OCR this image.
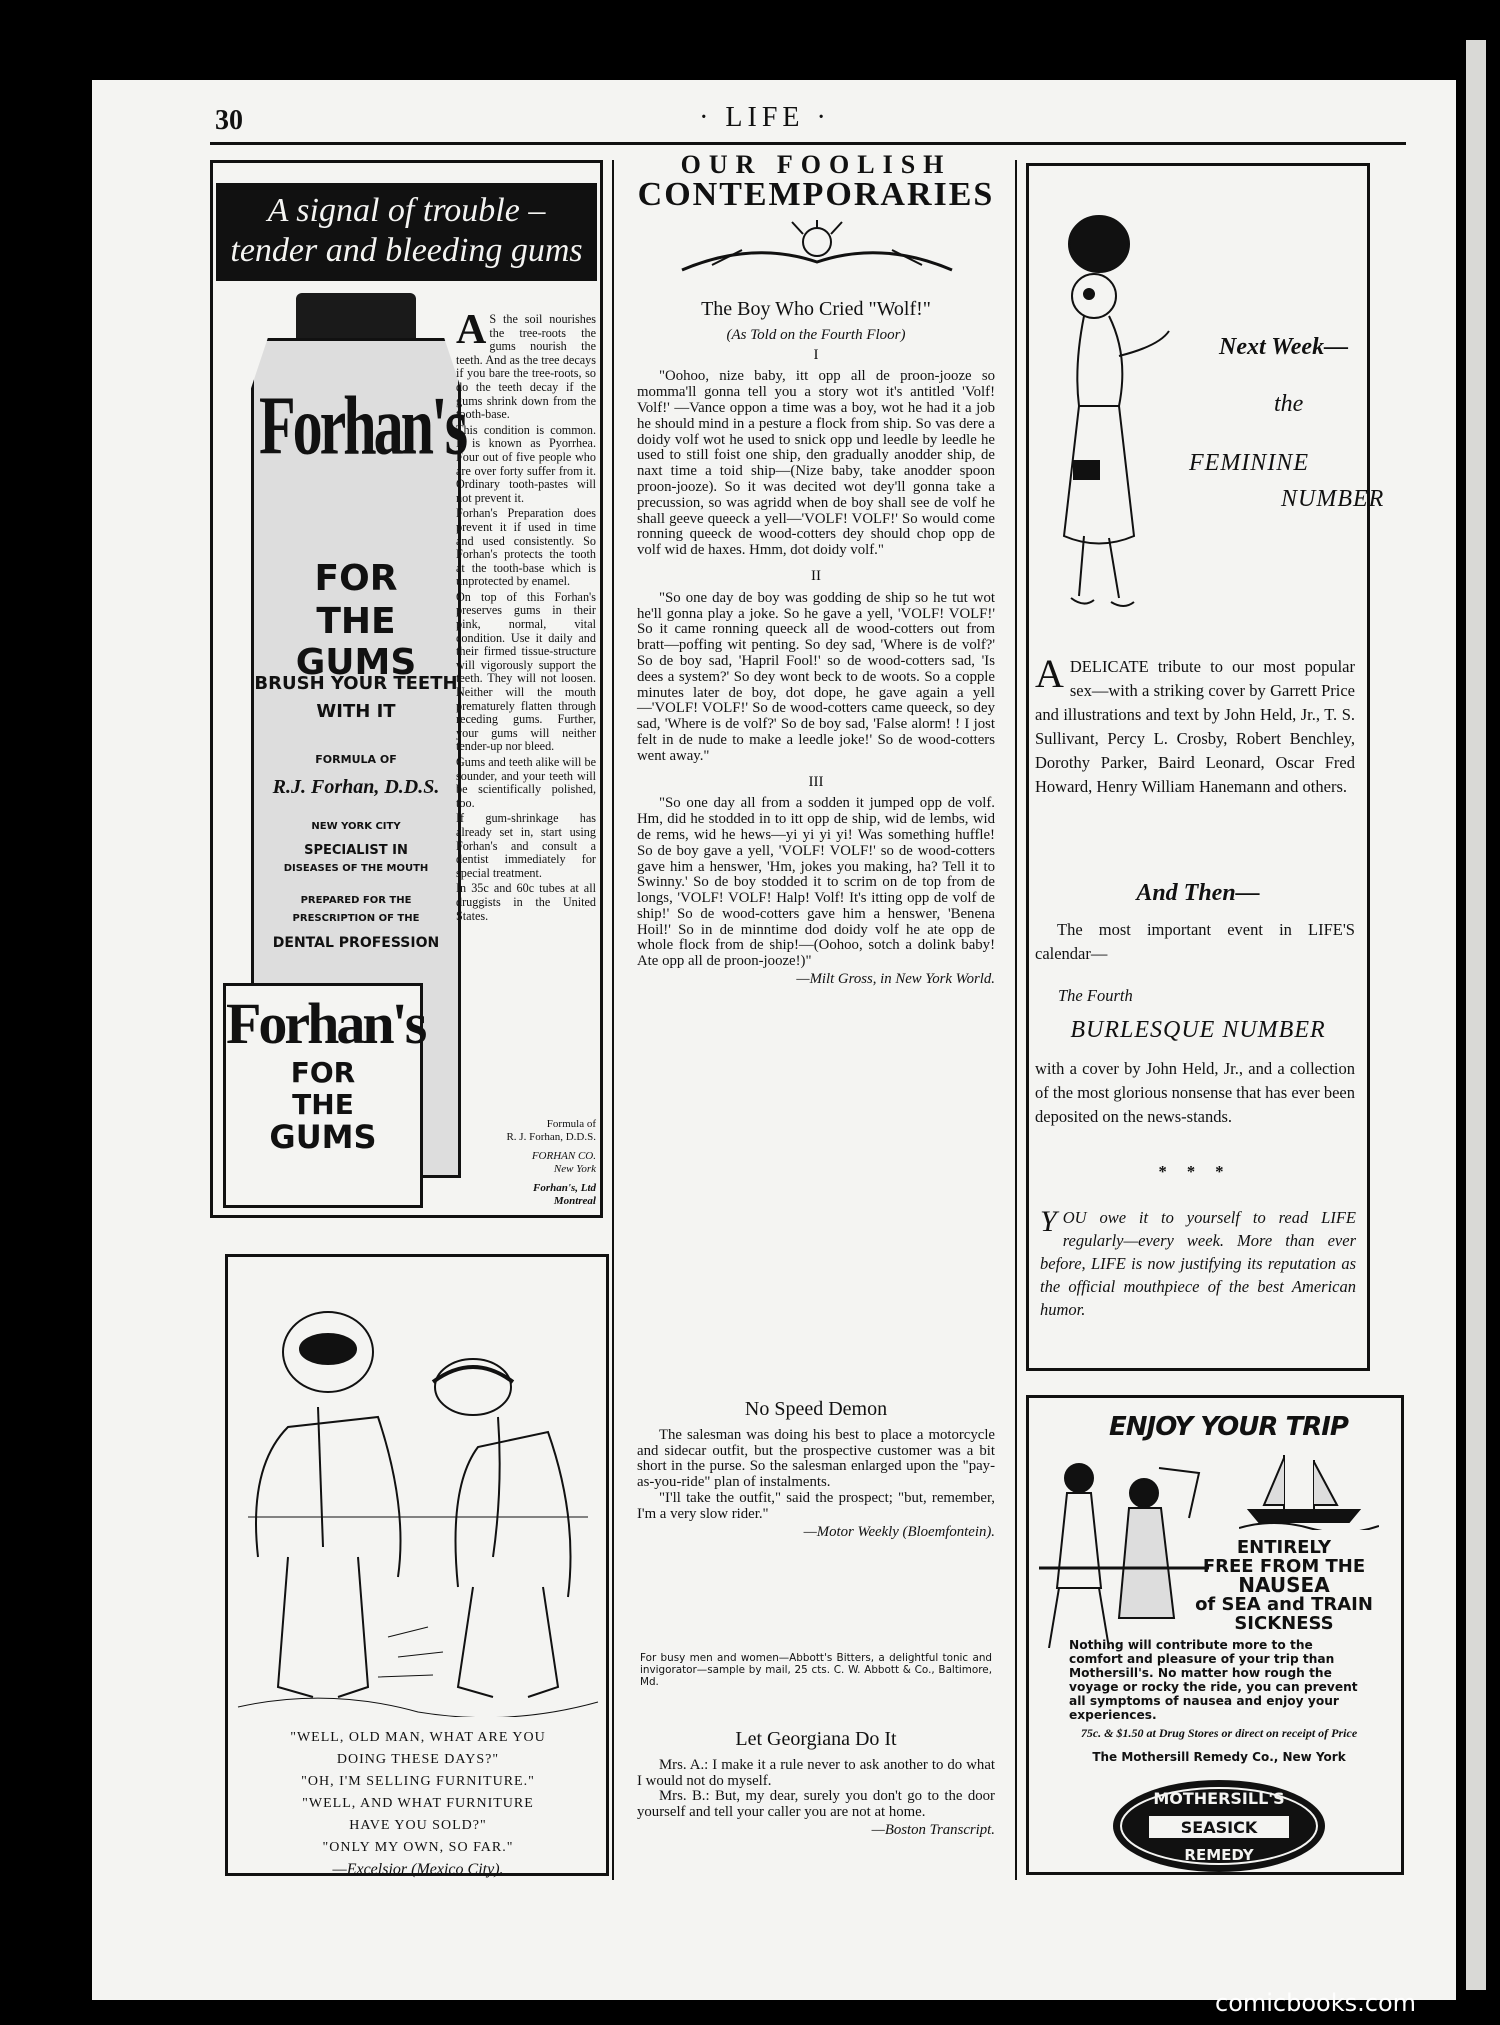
30	· LIFE ·
A signal of trouble –
tender and bleeding gums
Forhan's
FOR
THE GUMS
BRUSH YOUR TEETH
WITH IT
FORMULA OF
R.J. Forhan, D.D.S.
NEW YORK CITY
SPECIALIST IN
DISEASES OF THE MOUTH
PREPARED FOR THE
PRESCRIPTION OF THE
DENTAL PROFESSION
Forhan's
FOR
THE
GUMS

A S the soil nourishes the tree-roots the gums nourish the teeth. And as the tree decays if you bare the tree-roots, so do the teeth decay if the gums shrink down from the tooth-base.

This condition is common. It is known as Pyorrhea. Four out of five people who are over forty suffer from it. Ordinary tooth-pastes will not prevent it.

Forhan's Preparation does prevent it if used in time and used consistently. So Forhan's protects the tooth at the tooth-base which is unprotected by enamel.

On top of this Forhan's preserves gums in their pink, normal, vital condition. Use it daily and their firmed tissue-structure will vigorously support the teeth. They will not loosen. Neither will the mouth prematurely flatten through receding gums. Further, your gums will neither tender-up nor bleed.

Gums and teeth alike will be sounder, and your teeth will be scientifically polished, too.

If gum-shrinkage has already set in, start using Forhan's and consult a dentist immediately for special treatment.

In 35c and 60c tubes at all druggists in the United States.

Formula of
R. J. Forhan, D.D.S.
FORHAN CO.
New York
Forhan's, Ltd
Montreal
"WELL, OLD MAN, WHAT ARE YOU
DOING THESE DAYS?"
"OH, I'M SELLING FURNITURE."
"WELL, AND WHAT FURNITURE
HAVE YOU SOLD?"
"ONLY MY OWN, SO FAR."
—Excelsior (Mexico City).
OUR FOOLISH
CONTEMPORARIES
The Boy Who Cried "Wolf!"
(As Told on the Fourth Floor)
I

"Oohoo, nize baby, itt opp all de proon-jooze so momma'll gonna tell you a story wot it's antitled 'Volf! Volf!' —Vance oppon a time was a boy, wot he had it a job he should mind in a pesture a flock from ship. So vas dere a doidy volf wot he used to snick opp und leedle by leedle he used to still foist one ship, den gradually anodder ship, de naxt time a toid ship—(Nize baby, take anodder spoon proon-jooze). So it was decited wot dey'll gonna take a precussion, so was agridd when de boy shall see de volf he shall geeve queeck a yell—'VOLF! VOLF!' So would come ronning queeck de wood-cotters dey should chop opp de volf wid de haxes. Hmm, dot doidy volf."

II

"So one day de boy was godding de ship so he tut wot he'll gonna play a joke. So he gave a yell, 'VOLF! VOLF!' So it came ronning queeck all de wood-cotters out from bratt—poffing wit penting. So dey sad, 'Where is de volf?' So de boy sad, 'Hapril Fool!' so de wood-cotters sad, 'Is dees a system?' So dey wont beck to de woots. So a copple minutes later de boy, dot dope, he gave again a yell—'VOLF! VOLF!' So de wood-cotters came queeck, so dey sad, 'Where is de volf?' So de boy sad, 'False alorm! ! I jost felt in de nude to make a leedle joke!' So de wood-cotters went away."

III

"So one day all from a sodden it jumped opp de volf. Hm, did he stodded in to itt opp de ship, wid de lembs, wid de rems, wid he hews—yi yi yi yi! Was something huffle! So de boy gave a yell, 'VOLF! VOLF!' so de wood-cotters gave him a henswer, 'Hm, jokes you making, ha? Tell it to Swinny.' So de boy stodded it to scrim on de top from de longs, 'VOLF! VOLF! Halp! Volf! It's itting opp de volf de ship!' So de wood-cotters gave him a henswer, 'Benena Hoil!' So in de minntime dod doidy volf he ate opp de whole flock from de ship!—(Oohoo, sotch a dolink baby! Ate opp all de proon-jooze!)"

—Milt Gross, in New York World.
No Speed Demon

The salesman was doing his best to place a motorcycle and sidecar outfit, but the prospective customer was a bit short in the purse. So the salesman enlarged upon the "pay-as-you-ride" plan of instalments.

"I'll take the outfit," said the prospect; "but, remember, I'm a very slow rider."

—Motor Weekly (Bloemfontein).
For busy men and women—Abbott's Bitters, a delightful tonic and invigorator—sample by mail, 25 cts. C. W. Abbott & Co., Baltimore, Md.
Let Georgiana Do It

Mrs. A.: I make it a rule never to ask another to do what I would not do myself.

Mrs. B.: But, my dear, surely you don't go to the door yourself and tell your caller you are not at home.

—Boston Transcript.
Next Week—
the
FEMININE
NUMBER
ADELICATE tribute to our most popular sex—with a striking cover by Garrett Price and illustrations and text by John Held, Jr., T. S. Sullivant, Percy L. Crosby, Robert Benchley, Dorothy Parker, Baird Leonard, Oscar Fred Howard, Henry William Hanemann and others.
And Then—
The most important event in LIFE'S calendar—
The Fourth
BURLESQUE NUMBER
with a cover by John Held, Jr., and a collection of the most glorious nonsense that has ever been deposited on the news-stands.
* * *
YOU owe it to yourself to read LIFE regularly—every week. More than ever before, LIFE is now justifying its reputation as the official mouthpiece of the best American humor.
ENJOY YOUR TRIP
ENTIRELY
FREE FROM THE
NAUSEA
of SEA and TRAIN
SICKNESS
Nothing will contribute more to the comfort and pleasure of your trip than Mothersill's. No matter how rough the voyage or rocky the ride, you can prevent all symptoms of nausea and enjoy your experiences.
75c. & $1.50 at Drug Stores or direct on receipt of Price
The Mothersill Remedy Co., New York
MOTHERSILL'S
SEASICK
REMEDY
comicbooks.com
